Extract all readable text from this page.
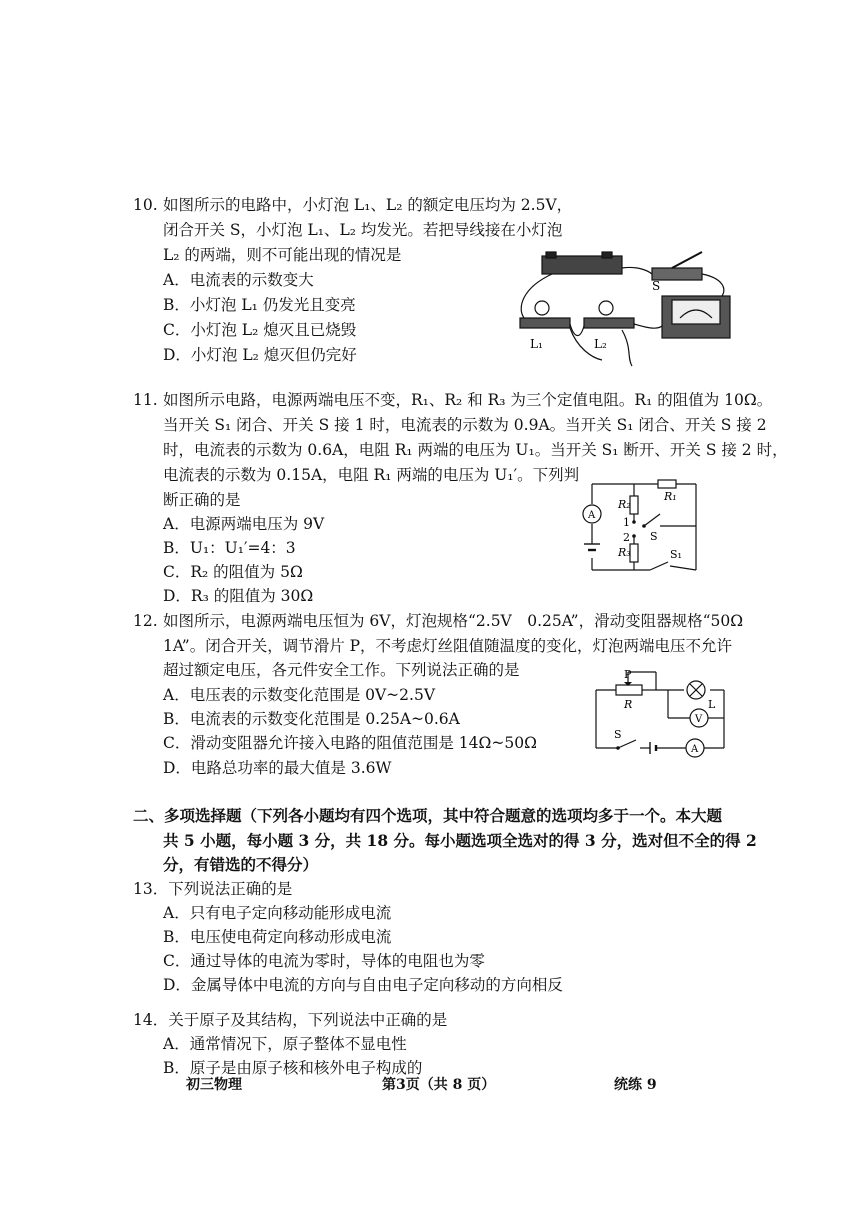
10. 如图所示的电路中，小灯泡 L₁、L₂ 的额定电压均为 2.5V，
闭合开关 S，小灯泡 L₁、L₂ 均发光。若把导线接在小灯泡
L₂ 的两端，则不可能出现的情况是
A．电流表的示数变大
B．小灯泡 L₁ 仍发光且变亮
C．小灯泡 L₂ 熄灭且已烧毁
D．小灯泡 L₂ 熄灭但仍完好
S
L₁	L₂
11. 如图所示电路，电源两端电压不变，R₁、R₂ 和 R₃ 为三个定值电阻。R₁ 的阻值为 10Ω。
当开关 S₁ 闭合、开关 S 接 1 时，电流表的示数为 0.9A。当开关 S₁ 闭合、开关 S 接 2
时，电流表的示数为 0.6A，电阻 R₁ 两端的电压为 U₁。当开关 S₁ 断开、开关 S 接 2 时，
电流表的示数为 0.15A，电阻 R₁ 两端的电压为 U₁′。下列判
断正确的是
A．电源两端电压为 9V
B．U₁：U₁′=4：3
C．R₂ 的阻值为 5Ω
D．R₃ 的阻值为 30Ω
A
R₁
R₂
R₃
1
2 S
S₁
12. 如图所示，电源两端电压恒为 6V，灯泡规格“2.5V　0.25A”，滑动变阻器规格“50Ω
1A”。闭合开关，调节滑片 P，不考虑灯丝阻值随温度的变化，灯泡两端电压不允许
超过额定电压，各元件安全工作。下列说法正确的是
A．电压表的示数变化范围是 0V~2.5V
B．电流表的示数变化范围是 0.25A~0.6A
C．滑动变阻器允许接入电路的阻值范围是 14Ω~50Ω
D．电路总功率的最大值是 3.6W
P
R	L
V
S
A
二、多项选择题（下列各小题均有四个选项，其中符合题意的选项均多于一个。本大题
共 5 小题，每小题 3 分，共 18 分。每小题选项全选对的得 3 分，选对但不全的得 2
分，有错选的不得分）
13．下列说法正确的是
A．只有电子定向移动能形成电流
B．电压使电荷定向移动形成电流
C．通过导体的电流为零时，导体的电阻也为零
D．金属导体中电流的方向与自由电子定向移动的方向相反
14．关于原子及其结构，下列说法中正确的是
A．通常情况下，原子整体不显电性
B．原子是由原子核和核外电子构成的
初三物理	第3页（共 8 页）	统练 9
